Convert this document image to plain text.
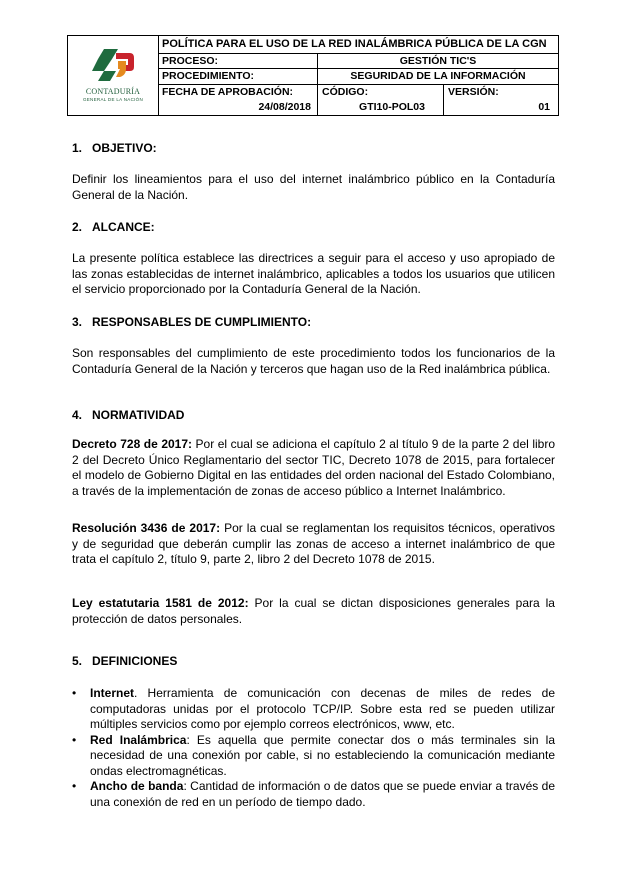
CONTADURÍA
GENERAL DE LA NACIÓN
POLÍTICA PARA EL USO DE LA RED INALÁMBRICA PÚBLICA DE LA CGN
PROCESO:	GESTIÓN TIC'S
PROCEDIMIENTO:	SEGURIDAD DE LA INFORMACIÓN
FECHA DE APROBACIÓN:
24/08/2018
CÓDIGO:
GTI10-POL03
VERSIÓN:
01
1. OBJETIVO:
Definir los lineamientos para el uso del internet inalámbrico público en la Contaduría General de la Nación.
2. ALCANCE:
La presente política establece las directrices a seguir para el acceso y uso apropiado de las zonas establecidas de internet inalámbrico, aplicables a todos los usuarios que utilicen el servicio proporcionado por la Contaduría General de la Nación.
3. RESPONSABLES DE CUMPLIMIENTO:
Son responsables del cumplimiento de este procedimiento todos los funcionarios de la Contaduría General de la Nación y terceros que hagan uso de la Red inalámbrica pública.
4. NORMATIVIDAD
Decreto 728 de 2017: Por el cual se adiciona el capítulo 2 al título 9 de la parte 2 del libro 2 del Decreto Único Reglamentario del sector TIC, Decreto 1078 de 2015, para fortalecer el modelo de Gobierno Digital en las entidades del orden nacional del Estado Colombiano, a través de la implementación de zonas de acceso público a Internet Inalámbrico.
Resolución 3436 de 2017: Por la cual se reglamentan los requisitos técnicos, operativos y de seguridad que deberán cumplir las zonas de acceso a internet inalámbrico de que trata el capítulo 2, título 9, parte 2, libro 2 del Decreto 1078 de 2015.
Ley estatutaria 1581 de 2012: Por la cual se dictan disposiciones generales para la protección de datos personales.
5. DEFINICIONES
• Internet. Herramienta de comunicación con decenas de miles de redes de computadoras unidas por el protocolo TCP/IP. Sobre esta red se pueden utilizar múltiples servicios como por ejemplo correos electrónicos, www, etc.
• Red Inalámbrica: Es aquella que permite conectar dos o más terminales sin la necesidad de una conexión por cable, si no estableciendo la comunicación mediante ondas electromagnéticas.
• Ancho de banda: Cantidad de información o de datos que se puede enviar a través de una conexión de red en un período de tiempo dado.
